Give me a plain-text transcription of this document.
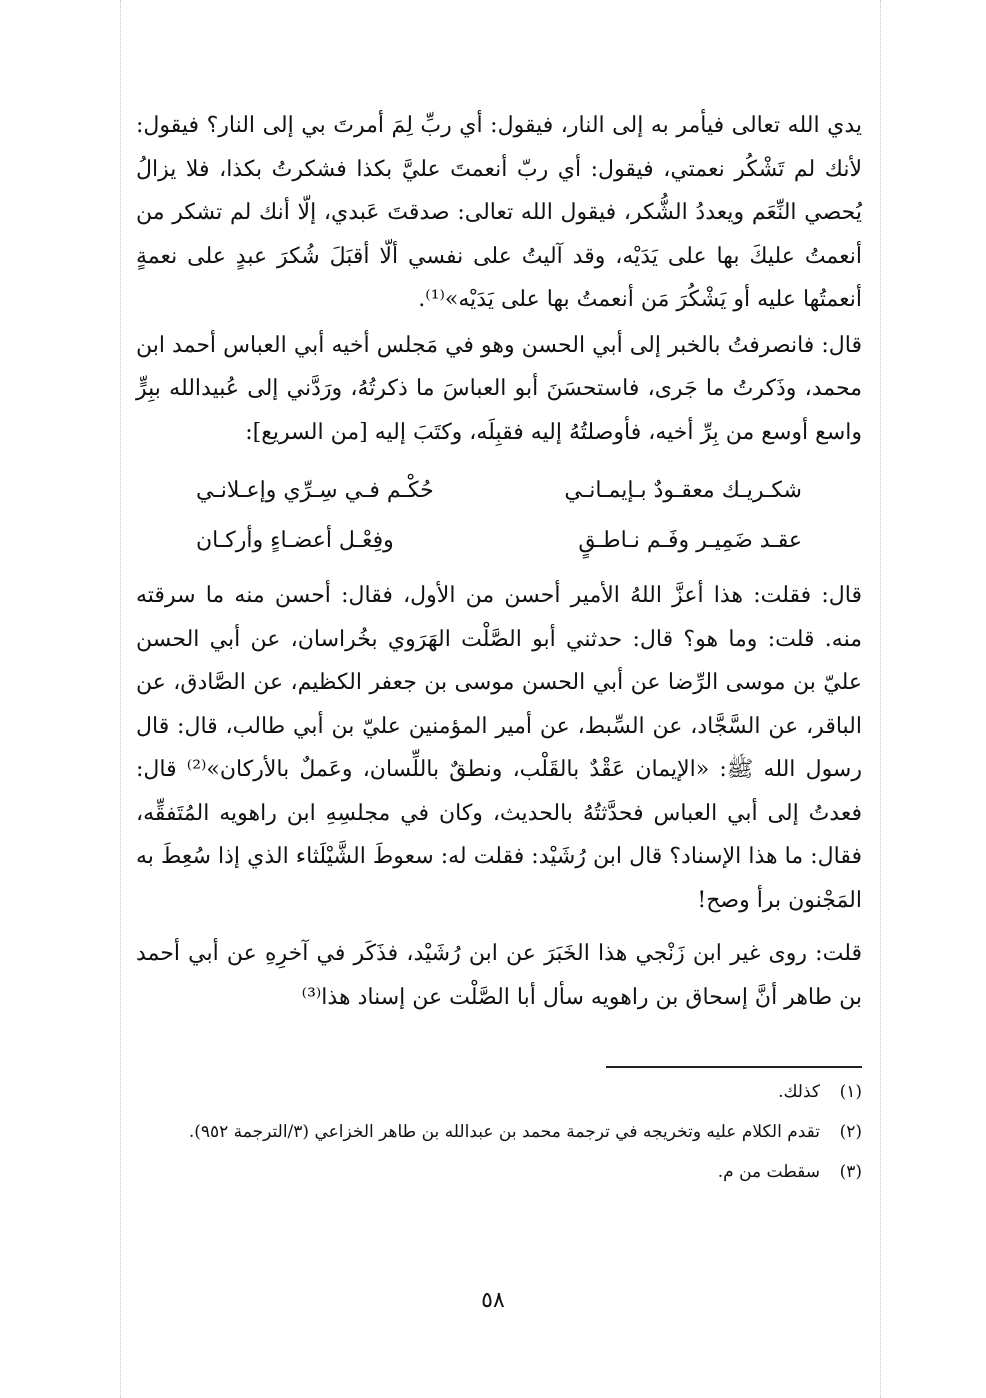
يدي الله تعالى فيأمر به إلى النار، فيقول: أي ربِّ لِمَ أمرتَ بي إلى النار؟ فيقول: لأنك لم تَشْكُر نعمتي، فيقول: أي ربّ أنعمتَ عليَّ بكذا فشكرتُ بكذا، فلا يزالُ يُحصي النِّعَم ويعددُ الشُّكر، فيقول الله تعالى: صدقتَ عَبدي، إلّا أنك لم تشكر من أنعمتُ عليكَ بها على يَدَيْه، وقد آليتُ على نفسي ألّا أقبَلَ شُكرَ عبدٍ على نعمةٍ أنعمتُها عليه أو يَشْكُرَ مَن أنعمتُ بها على يَدَيْه»⁽¹⁾.

قال: فانصرفتُ بالخبر إلى أبي الحسن وهو في مَجلس أخيه أبي العباس أحمد ابن محمد، وذَكرتُ ما جَرى، فاستحسَنَ أبو العباسَ ما ذكرتُهُ، ورَدَّني إلى عُبيدالله ببِرٍّ واسع أوسع من بِرِّ أخيه، فأوصلتُهُ إليه فقبِلَه، وكتَبَ إليه [من السريع]:

شكـريـك معقـودٌ بـإيمـانـي
حُكْـم فـي سِـرِّي وإعـلانـي
عقـد ضَمِيـر وفَـم نـاطـقٍ
وفِعْـل أعضـاءٍ وأركـان

قال: فقلت: هذا أعزَّ اللهُ الأمير أحسن من الأول، فقال: أحسن منه ما سرقته منه. قلت: وما هو؟ قال: حدثني أبو الصَّلْت الهَرَوي بخُراسان، عن أبي الحسن عليّ بن موسى الرِّضا عن أبي الحسن موسى بن جعفر الكظيم، عن الصَّادق، عن الباقر، عن السَّجَّاد، عن السِّبط، عن أمير المؤمنين عليّ بن أبي طالب، قال: قال رسول الله ﷺ: «الإيمان عَقْدٌ بالقَلْب، ونطقٌ باللِّسان، وعَملٌ بالأركان»⁽²⁾ قال: فعدتُ إلى أبي العباس فحدَّثتُهُ بالحديث، وكان في مجلسِهِ ابن راهويه المُتَفقِّه، فقال: ما هذا الإسناد؟ قال ابن رُشَيْد: فقلت له: سعوطَ الشَّيْلَثاء الذي إذا سُعِطَ به المَجْنون برأ وصح!

قلت: روى غير ابن زَنْجي هذا الخَبَرَ عن ابن رُشَيْد، فذَكَر في آخرِهِ عن أبي أحمد بن طاهر أنَّ إسحاق بن راهويه سأل أبا الصَّلْت عن إسناد هذا⁽³⁾

(١)
كذلك.
(٢)
تقدم الكلام عليه وتخريجه في ترجمة محمد بن عبدالله بن طاهر الخزاعي (٣/الترجمة ٩٥٢).
(٣)
سقطت من م.
٥٨
